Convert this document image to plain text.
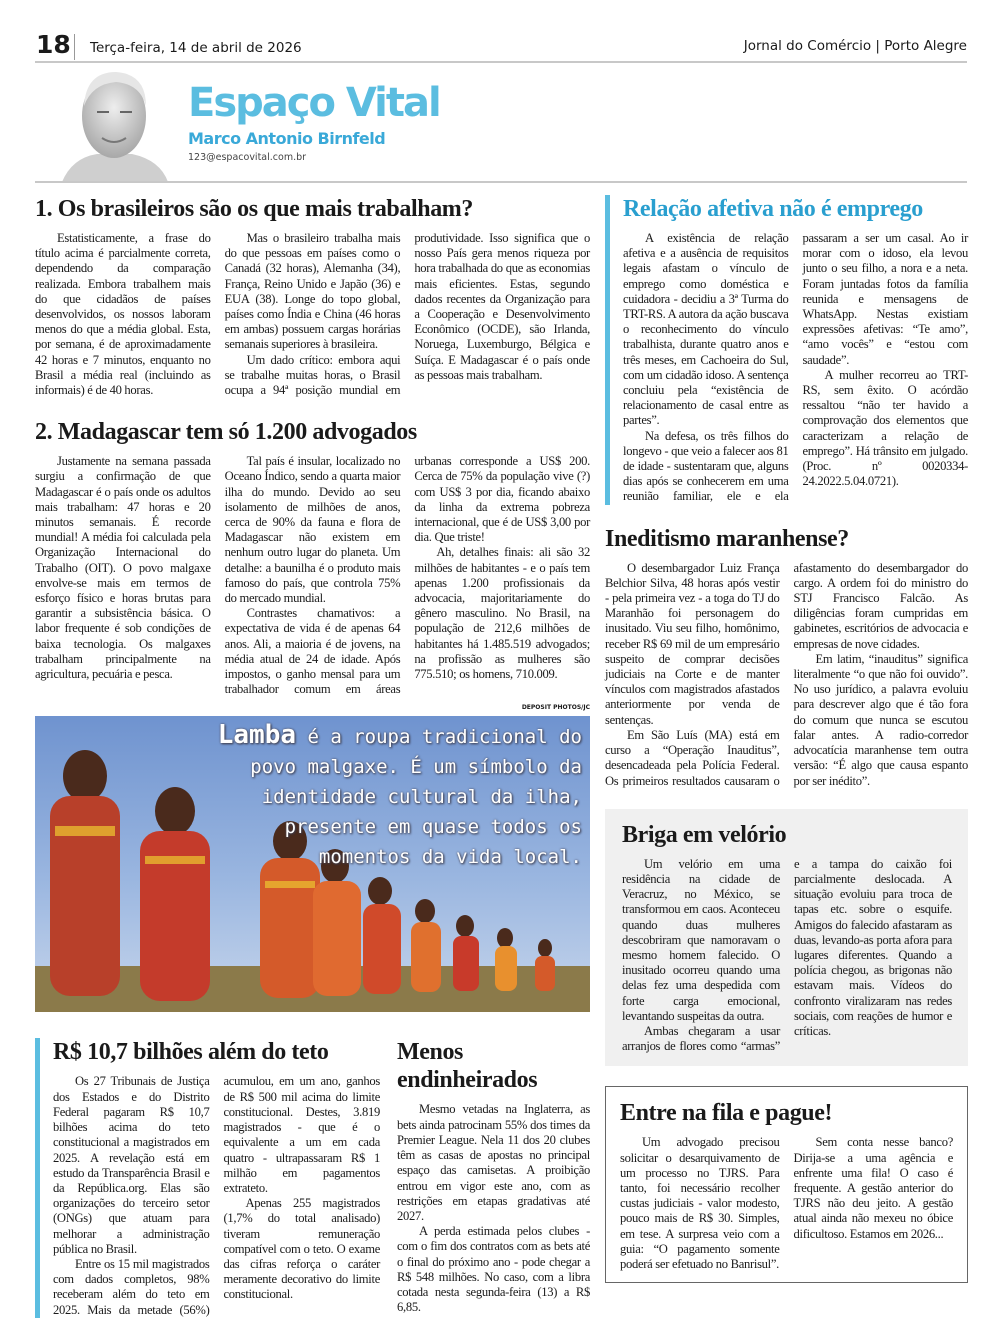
18 Terça-feira, 14 de abril de 2026	Jornal do Comércio | Porto Alegre
Espaço Vital
Marco Antonio Birnfeld
123@espacovital.com.br
1. Os brasileiros são os que mais trabalham?

Estatisticamente, a frase do título acima é parcialmente correta, dependendo da comparação realizada. Embora trabalhem mais do que cidadãos de países desenvolvidos, os nossos laboram menos do que a média global. Esta, por semana, é de aproximadamente 42 horas e 7 minutos, enquanto no Brasil a média real (incluindo as informais) é de 40 horas.

Mas o brasileiro trabalha mais do que pessoas em países como o Canadá (32 horas), Alemanha (34), França, Reino Unido e Japão (36) e EUA (38). Longe do topo global, países como Índia e China (46 horas em ambas) possuem cargas horárias semanais superiores à brasileira.

Um dado crítico: embora aqui se trabalhe muitas horas, o Brasil ocupa a 94ª posição mundial em produtividade. Isso significa que o nosso País gera menos riqueza por hora trabalhada do que as economias mais eficientes. Estas, segundo dados recentes da Organização para a Cooperação e Desenvolvimento Econômico (OCDE), são Irlanda, Noruega, Luxemburgo, Bélgica e Suíça. E Madagascar é o país onde as pessoas mais trabalham.

2. Madagascar tem só 1.200 advogados

Justamente na semana passada surgiu a confirmação de que Madagascar é o país onde os adultos mais trabalham: 47 horas e 20 minutos semanais. É recorde mundial! A média foi calculada pela Organização Internacional do Trabalho (OIT). O povo malgaxe envolve-se mais em termos de esforço físico e horas brutas para garantir a subsistência básica. O labor frequente é sob condições de baixa tecnologia. Os malgaxes trabalham principalmente na agricultura, pecuária e pesca.

Tal país é insular, localizado no Oceano Índico, sendo a quarta maior ilha do mundo. Devido ao seu isolamento de milhões de anos, cerca de 90% da fauna e flora de Madagascar não existem em nenhum outro lugar do planeta. Um detalhe: a baunilha é o produto mais famoso do país, que controla 75% do mercado mundial.

Contrastes chamativos: a expectativa de vida é de apenas 64 anos. Ali, a maioria é de jovens, na média atual de 24 de idade. Após impostos, o ganho mensal para um trabalhador comum em áreas urbanas corresponde a US$ 200. Cerca de 75% da população vive (?) com US$ 3 por dia, ficando abaixo da linha da extrema pobreza internacional, que é de US$ 3,00 por dia. Que triste!

Ah, detalhes finais: ali são 32 milhões de habitantes - e o país tem apenas 1.200 profissionais da advocacia, majoritariamente do gênero masculino. No Brasil, na população de 212,6 milhões de habitantes há 1.485.519 advogados; na profissão as mulheres são 775.510; os homens, 710.009.

DEPOSIT PHOTOS/JC
Lamba é a roupa tradicional do povo malgaxe. É um símbolo da identidade cultural da ilha, presente em quase todos os momentos da vida local.
R$ 10,7 bilhões além do teto

Os 27 Tribunais de Justiça dos Estados e do Distrito Federal pagaram R$ 10,7 bilhões acima do teto constitucional a magistrados em 2025. A revelação está em estudo da Transparência Brasil e da República.org. Elas são organizações do terceiro setor (ONGs) que atuam para melhorar a administração pública no Brasil.

Entre os 15 mil magistrados com dados completos, 98% receberam além do teto em 2025. Mais da metade (56%) acumulou, em um ano, ganhos de R$ 500 mil acima do limite constitucional. Destes, 3.819 magistrados - que é o equivalente a um em cada quatro - ultrapassaram R$ 1 milhão em pagamentos extrateto.

Apenas 255 magistrados (1,7% do total analisado) tiveram remuneração compatível com o teto. O exame das cifras reforça o caráter meramente decorativo do limite constitucional.

Menos endinheirados

Mesmo vetadas na Inglaterra, as bets ainda patrocinam 55% dos times da Premier League. Nela 11 dos 20 clubes têm as casas de apostas no principal espaço das camisetas. A proibição entrou em vigor este ano, com as restrições em etapas gradativas até 2027.

A perda estimada pelos clubes - com o fim dos contratos com as bets até o final do próximo ano - pode chegar a R$ 548 milhões. No caso, com a libra cotada nesta segunda-feira (13) a R$ 6,85.

Relação afetiva não é emprego

A existência de relação afetiva e a ausência de requisitos legais afastam o vínculo de emprego como doméstica e cuidadora - decidiu a 3ª Turma do TRT-RS. A autora da ação buscava o reconhecimento do vínculo trabalhista, durante quatro anos e três meses, em Cachoeira do Sul, com um cidadão idoso. A sentença concluiu pela “existência de relacionamento de casal entre as partes”.

Na defesa, os três filhos do longevo - que veio a falecer aos 81 de idade - sustentaram que, alguns dias após se conhecerem em uma reunião familiar, ele e ela passaram a ser um casal. Ao ir morar com o idoso, ela levou junto o seu filho, a nora e a neta. Foram juntadas fotos da família reunida e mensagens de WhatsApp. Nestas existiam expressões afetivas: “Te amo”, “amo vocês” e “estou com saudade”.

A mulher recorreu ao TRT-RS, sem êxito. O acórdão ressaltou “não ter havido a comprovação dos elementos que caracterizam a relação de emprego”. Há trânsito em julgado. (Proc. nº 0020334-24.2022.5.04.0721).

Ineditismo maranhense?

O desembargador Luiz França Belchior Silva, 48 horas após vestir - pela primeira vez - a toga do TJ do Maranhão foi personagem do inusitado. Viu seu filho, homônimo, receber R$ 69 mil de um empresário suspeito de comprar decisões judiciais na Corte e de manter vínculos com magistrados afastados anteriormente por venda de sentenças.

Em São Luís (MA) está em curso a “Operação Inauditus”, desencadeada pela Polícia Federal. Os primeiros resultados causaram o afastamento do desembargador do cargo. A ordem foi do ministro do STJ Francisco Falcão. As diligências foram cumpridas em gabinetes, escritórios de advocacia e empresas de nove cidades.

Em latim, “inauditus” significa literalmente “o que não foi ouvido”. No uso jurídico, a palavra evoluiu para descrever algo que é tão fora do comum que nunca se escutou falar antes. A radio-corredor advocatícia maranhense tem outra versão: “É algo que causa espanto por ser inédito”.

Briga em velório

Um velório em uma residência na cidade de Veracruz, no México, se transformou em caos. Aconteceu quando duas mulheres descobriram que namoravam o mesmo homem falecido. O inusitado ocorreu quando uma delas fez uma despedida com forte carga emocional, levantando suspeitas da outra.

Ambas chegaram a usar arranjos de flores como “armas” e a tampa do caixão foi parcialmente deslocada. A situação evoluiu para troca de tapas etc. sobre o esquife. Amigos do falecido afastaram as duas, levando-as porta afora para lugares diferentes. Quando a polícia chegou, as brigonas não estavam mais. Vídeos do confronto viralizaram nas redes sociais, com reações de humor e críticas.

Entre na fila e pague!

Um advogado precisou solicitar o desarquivamento de um processo no TJRS. Para tanto, foi necessário recolher custas judiciais - valor modesto, pouco mais de R$ 30. Simples, em tese. A surpresa veio com a guia: “O pagamento somente poderá ser efetuado no Banrisul”.

Sem conta nesse banco? Dirija-se a uma agência e enfrente uma fila! O caso é frequente. A gestão anterior do TJRS não deu jeito. A gestão atual ainda não mexeu no óbice dificultoso. Estamos em 2026...
